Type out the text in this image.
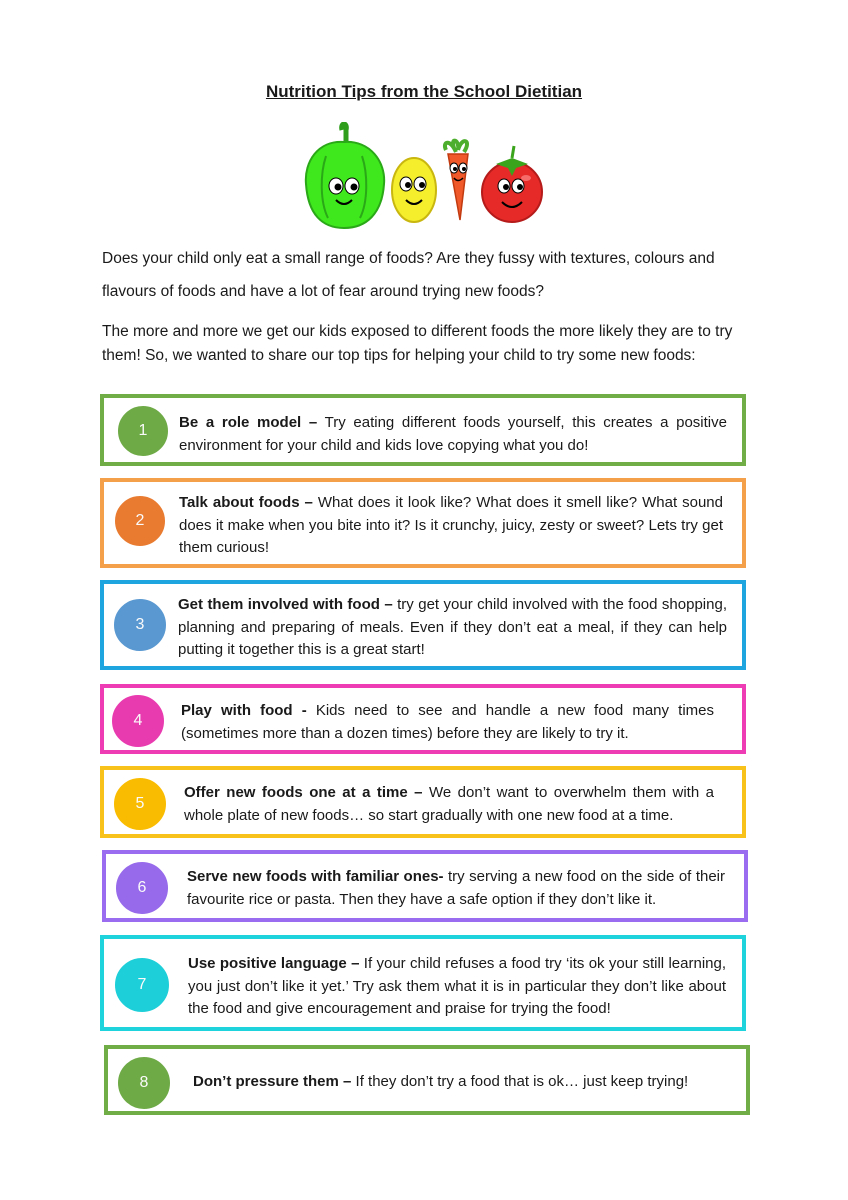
Nutrition Tips from the School Dietitian
Does your child only eat a small range of foods? Are they fussy with textures, colours and
flavours of foods and have a lot of fear around trying new foods?
The more and more we get our kids exposed to different foods the more likely they are to try them! So, we wanted to share our top tips for helping your child to try some new foods:
1 Be a role model – Try eating different foods yourself, this creates a positive environment for your child and kids love copying what you do!
2
Talk about foods – What does it look like? What does it smell like? What sound does it make when you bite into it? Is it crunchy, juicy, zesty or sweet? Lets try get them curious!
3
Get them involved with food – try get your child involved with the food shopping, planning and preparing of meals. Even if they don’t eat a meal, if they can help putting it together this is a great start!
4
Play with food - Kids need to see and handle a new food many times (sometimes more than a dozen times) before they are likely to try it.
5
Offer new foods one at a time – We don’t want to overwhelm them with a whole plate of new foods… so start gradually with one new food at a time.
6
Serve new foods with familiar ones- try serving a new food on the side of their favourite rice or pasta. Then they have a safe option if they don’t like it.
7
Use positive language – If your child refuses a food try ‘its ok your still learning, you just don’t like it yet.’ Try ask them what it is in particular they don’t like about the food and give encouragement and praise for trying the food!
8	Don’t pressure them – If they don’t try a food that is ok… just keep trying!
